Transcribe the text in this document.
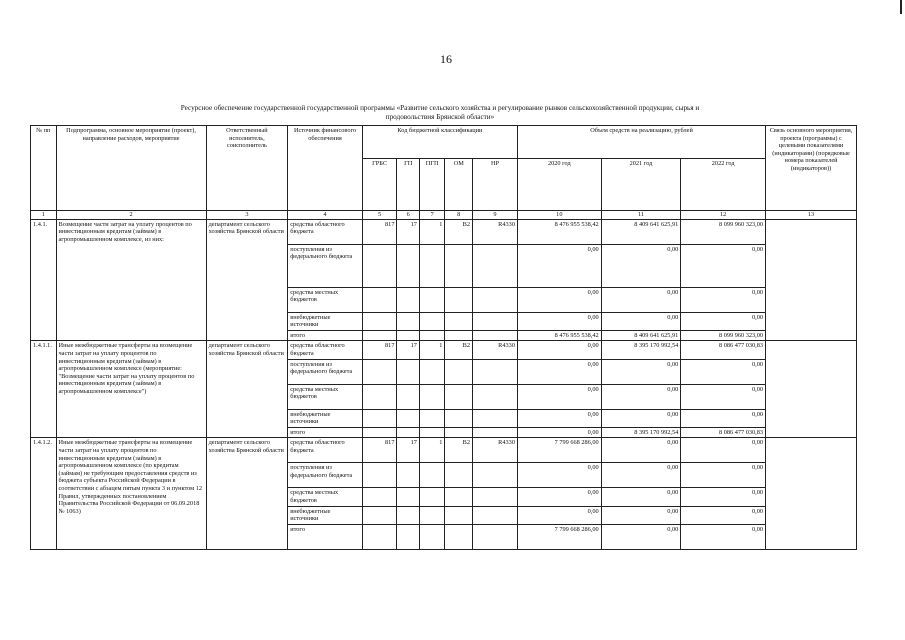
16
Ресурсное обеспечение государственной государственной программы «Развитие сельского хозяйства и регулирование рынков сельскохозяйственной продукции, сырья и продовольствия Брянской области»
№ пп	Подпрограмма, основное мероприятие (проект), направление расходов, мероприятие	Ответственный исполнитель, соисполнитель	Источник финансового обеспечения	Код бюджетной классификации					Объем средств на реализацию, рублей			Связь основного мероприятия, проекта (программы) с целевыми показателями (индикаторами) (порядковые номера показателей (индикаторов))
				ГРБС	ГП	ПГП	ОМ	НР	2020 год	2021 год	2022 год	
1	2	3	4	5	6	7	8	9	10	11	12	13
1.4.1.	Возмещение части затрат на уплату процентов по инвестиционным кредитам (займам) в агропромышленном комплексе, из них:	департамент сельского хозяйства Брянской области	средства областного бюджета	817	17	1	В2	R4330	8 476 955 538,42	8 409 641 625,91	8 099 960 323,00	
			поступления из федерального бюджета						0,00	0,00	0,00	
			средства местных бюджетов						0,00	0,00	0,00	
			внебюджетные источники						0,00	0,00	0,00	
			итого						8 476 955 538,42	8 409 641 625,91	8 099 960 323,00	
1.4.1.1.	Иные межбюджетные трансферты на возмещение части затрат на уплату процентов по инвестиционным кредитам (займам) в агропромышленном комплексе (мероприятие: "Возмещение части затрат на уплату процентов по инвестиционным кредитам (займам) в агропромышленном комплексе")	департамент сельского хозяйства Брянской области	средства областного бюджета	817	17	1	В2	R4330	0,00	8 395 170 992,54	8 086 477 030,83	
			поступления из федерального бюджета						0,00	0,00	0,00	
			средства местных бюджетов						0,00	0,00	0,00	
			внебюджетные источники						0,00	0,00	0,00	
			итого						0,00	8 395 170 992,54	8 086 477 030,83	
1.4.1.2.	Иные межбюджетные трансферты на возмещение части затрат на уплату процентов по инвестиционным кредитам (займам) в агропромышленном комплексе (по кредитам (займам) не требующим предоставления средств из бюджета субъекта Российской Федерации в соответствии с абзацем пятым пункта 3 и пунктом 12 Правил, утвержденных постановлением Правительства Российской Федерации от 06.09.2018 № 1063)	департамент сельского хозяйства Брянской области	средства областного бюджета	817	17	1	В2	R4330	7 799 668 286,00	0,00	0,00	
			поступления из федерального бюджета						0,00	0,00	0,00	
			средства местных бюджетов						0,00	0,00	0,00	
			внебюджетные источники						0,00	0,00	0,00	
			итого						7 799 668 286,00	0,00	0,00	
